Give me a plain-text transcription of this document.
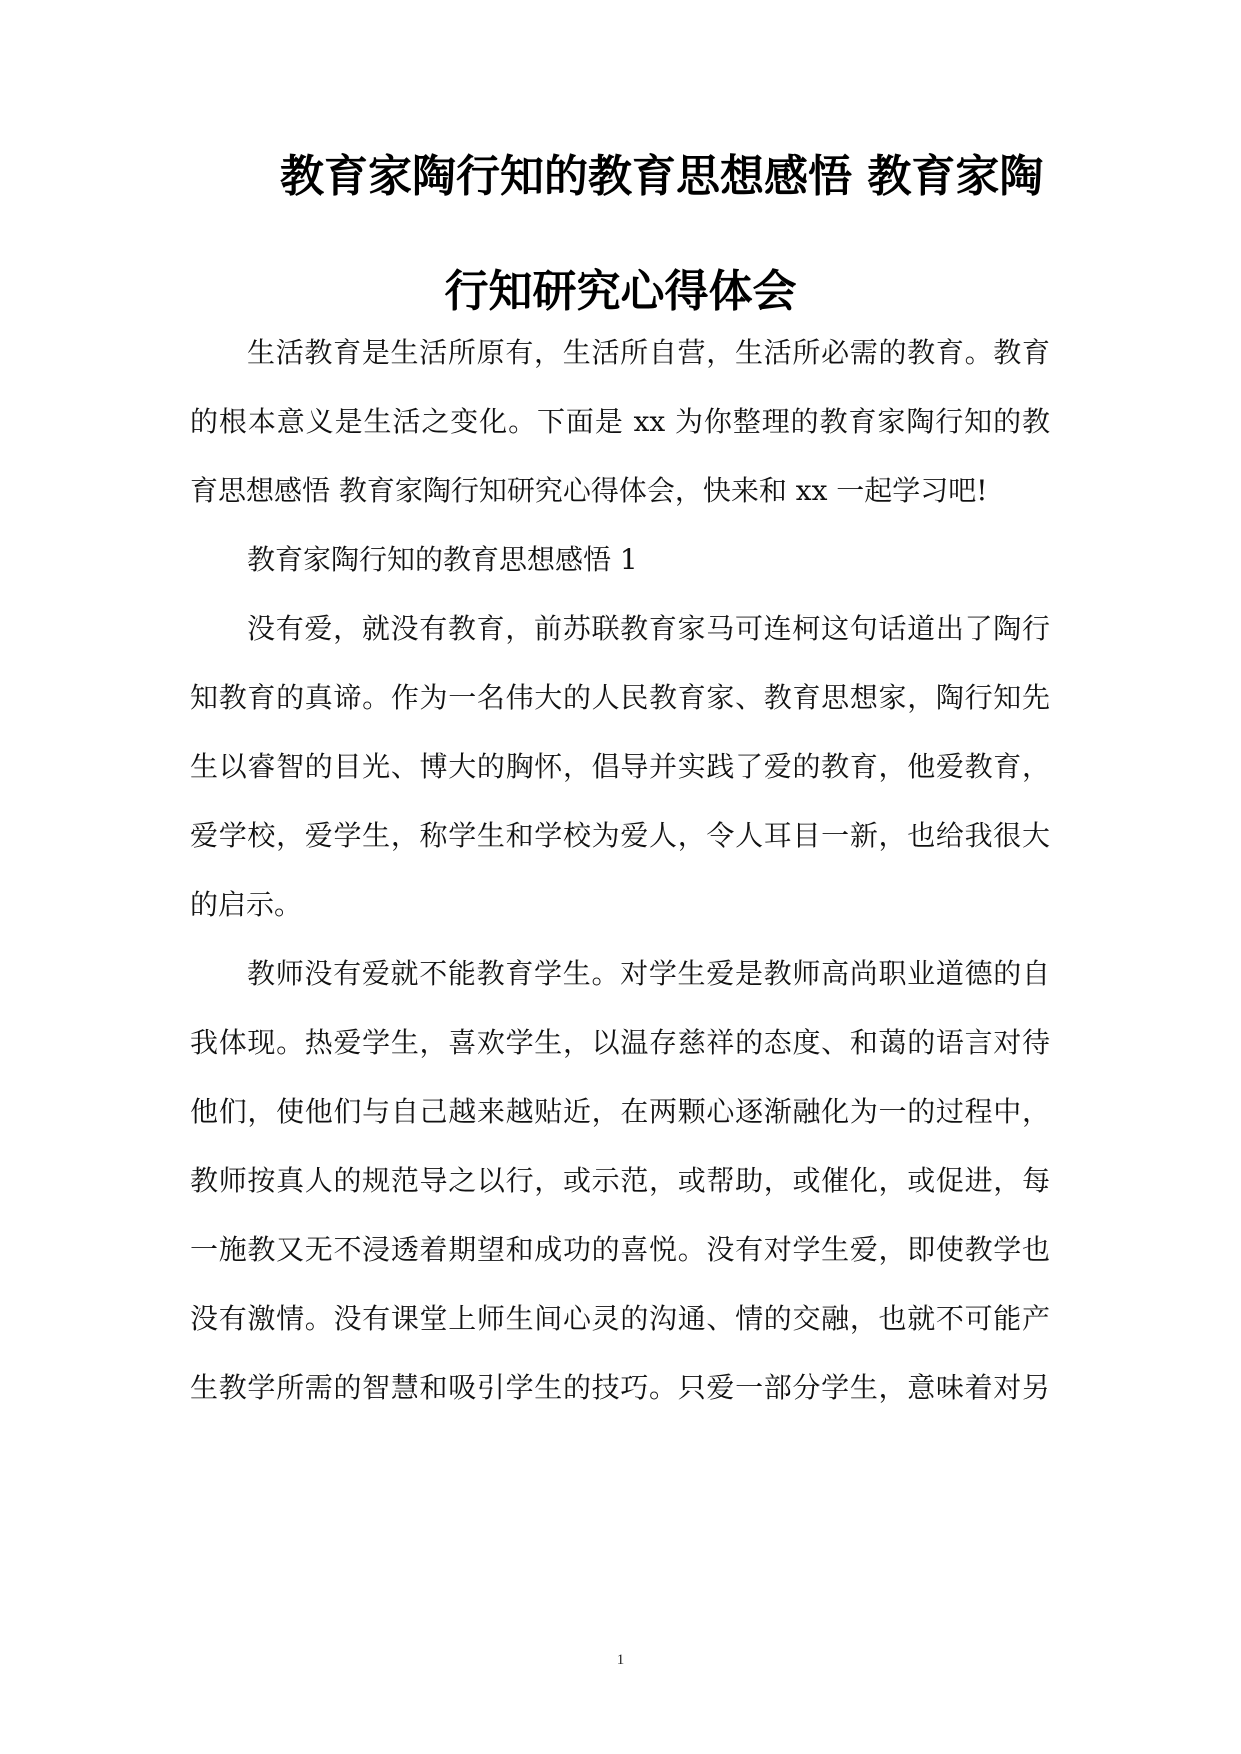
教育家陶行知的教育思想感悟 教育家陶
行知研究心得体会
生活教育是生活所原有，生活所自营，生活所必需的教育。教育
的根本意义是生活之变化。下面是 xx 为你整理的教育家陶行知的教
育思想感悟 教育家陶行知研究心得体会，快来和 xx 一起学习吧!
教育家陶行知的教育思想感悟 1
没有爱，就没有教育，前苏联教育家马可连柯这句话道出了陶行
知教育的真谛。作为一名伟大的人民教育家、教育思想家，陶行知先
生以睿智的目光、博大的胸怀，倡导并实践了爱的教育，他爱教育，
爱学校，爱学生，称学生和学校为爱人，令人耳目一新，也给我很大
的启示。
教师没有爱就不能教育学生。对学生爱是教师高尚职业道德的自
我体现。热爱学生，喜欢学生，以温存慈祥的态度、和蔼的语言对待
他们，使他们与自己越来越贴近，在两颗心逐渐融化为一的过程中，
教师按真人的规范导之以行，或示范，或帮助，或催化，或促进，每
一施教又无不浸透着期望和成功的喜悦。没有对学生爱，即使教学也
没有激情。没有课堂上师生间心灵的沟通、情的交融，也就不可能产
生教学所需的智慧和吸引学生的技巧。只爱一部分学生，意味着对另
1
